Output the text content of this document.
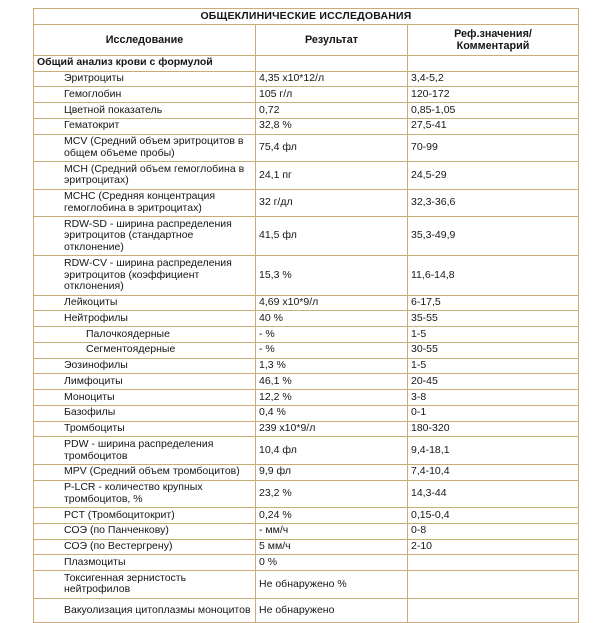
ОБЩЕКЛИНИЧЕСКИЕ ИССЛЕДОВАНИЯ		
Исследование	Результат	Реф.значения/
Комментарий
Общий анализ крови с формулой		
Эритроциты	4,35 x10*12/л	3,4-5,2
Гемоглобин	105 г/л	120-172
Цветной показатель	0,72	0,85-1,05
Гематокрит	32,8 %	27,5-41
MCV (Средний объем эритроцитов в общем объеме пробы)	75,4 фл	70-99
MCH (Средний объем гемоглобина в эритроцитах)	24,1 пг	24,5-29
MCHC (Средняя концентрация гемоглобина в эритроцитах)	32 г/дл	32,3-36,6
RDW-SD - ширина распределения эритроцитов (стандартное отклонение)	41,5 фл	35,3-49,9
RDW-CV - ширина распределения эритроцитов (коэффициент отклонения)	15,3 %	11,6-14,8
Лейкоциты	4,69 x10*9/л	6-17,5
Нейтрофилы	40 %	35-55
Палочкоядерные	- %	1-5
Сегментоядерные	- %	30-55
Эозинофилы	1,3 %	1-5
Лимфоциты	46,1 %	20-45
Моноциты	12,2 %	3-8
Базофилы	0,4 %	0-1
Тромбоциты	239 x10*9/л	180-320
PDW - ширина распределения тромбоцитов	10,4 фл	9,4-18,1
MPV (Средний объем тромбоцитов)	9,9 фл	7,4-10,4
P-LCR - количество крупных тромбоцитов, %	23,2 %	14,3-44
PCT (Тромбоцитокрит)	0,24 %	0,15-0,4
СОЭ (по Панченкову)	- мм/ч	0-8
СОЭ (по Вестергрену)	5 мм/ч	2-10
Плазмоциты	0 %	
Токсигенная зернистость нейтрофилов	Не обнаружено %	
Вакуолизация цитоплазмы моноцитов	Не обнаружено	
